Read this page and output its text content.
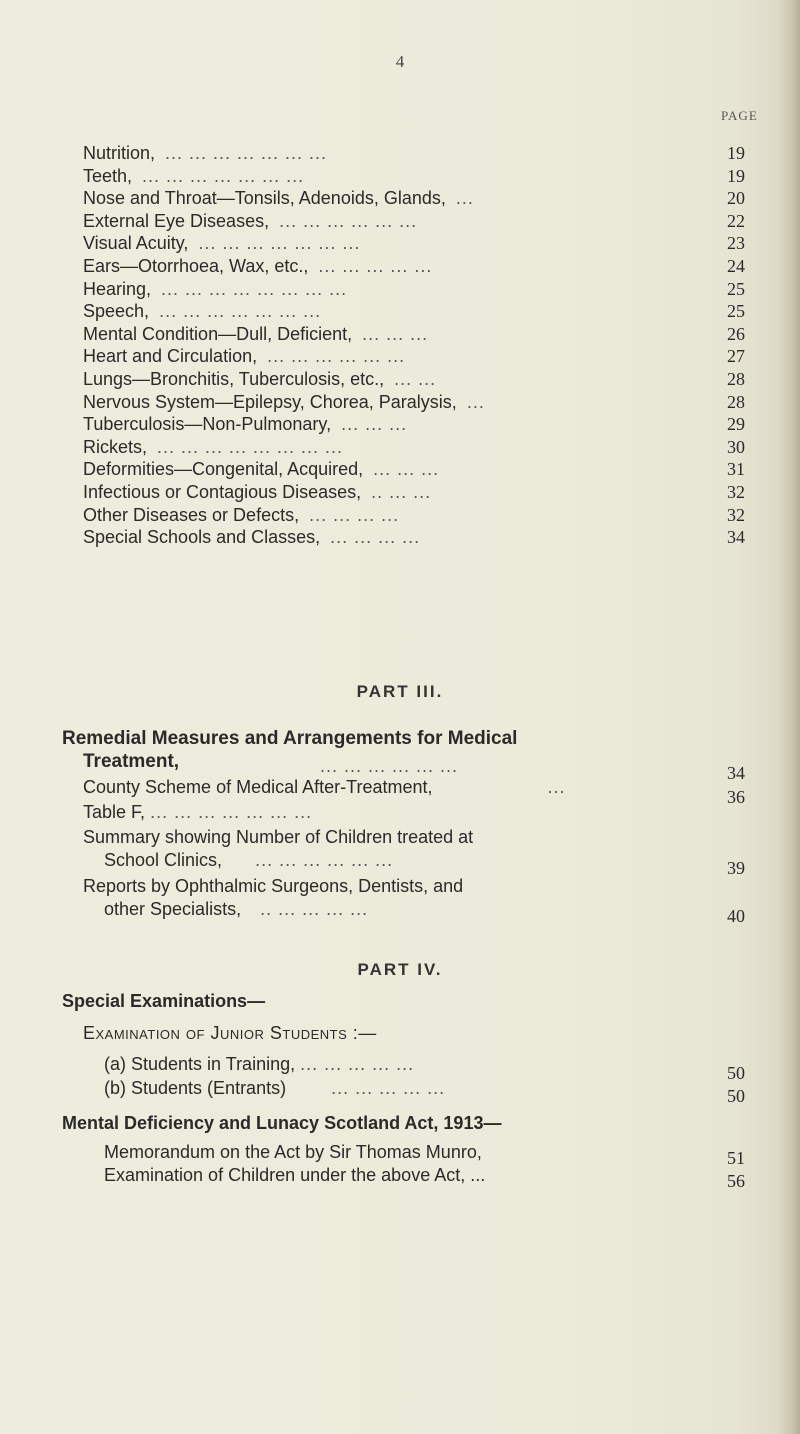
4
PAGE
Nutrition, ... ... ... ... ... ... ...	19
Teeth, ... ... ... ... ... ... ...	19
Nose and Throat—Tonsils, Adenoids, Glands, ...	20
External Eye Diseases, ... ... ... ... ... ...	22
Visual Acuity, ... ... ... ... ... ... ...	23
Ears—Otorrhoea, Wax, etc., ... ... ... ... ...	24
Hearing, ... ... ... ... ... ... ... ...	25
Speech, ... ... ... ... ... ... ...	25
Mental Condition—Dull, Deficient, ... ... ...	26
Heart and Circulation, ... ... ... ... ... ...	27
Lungs—Bronchitis, Tuberculosis, etc., ... ...	28
Nervous System—Epilepsy, Chorea, Paralysis, ...	28
Tuberculosis—Non-Pulmonary, ... ... ...	29
Rickets, ... ... ... ... ... ... ... ...	30
Deformities—Congenital, Acquired, ... ... ...	31
Infectious or Contagious Diseases, .. ... ...	32
Other Diseases or Defects, ... ... ... ...	32
Special Schools and Classes, ... ... ... ...	34
PART III.
Remedial Measures and Arrangements for Medical
Treatment,	... ... ... ... ... ...	34
County Scheme of Medical After-Treatment,	...	36
Table F, ... ... ... ... ... ... ...
Summary showing Number of Children treated at
School Clinics, ... ... ... ... ... ...	39
Reports by Ophthalmic Surgeons, Dentists, and
other Specialists, .. ... ... ... ...	40
PART IV.
Special Examinations—
Examination of Junior Students :—
(a) Students in Training, ... ... ... ... ...	50
(b) Students (Entrants)	... ... ... ... ...	50
Mental Deficiency and Lunacy Scotland Act, 1913—
Memorandum on the Act by Sir Thomas Munro,	51
Examination of Children under the above Act, ...	56
